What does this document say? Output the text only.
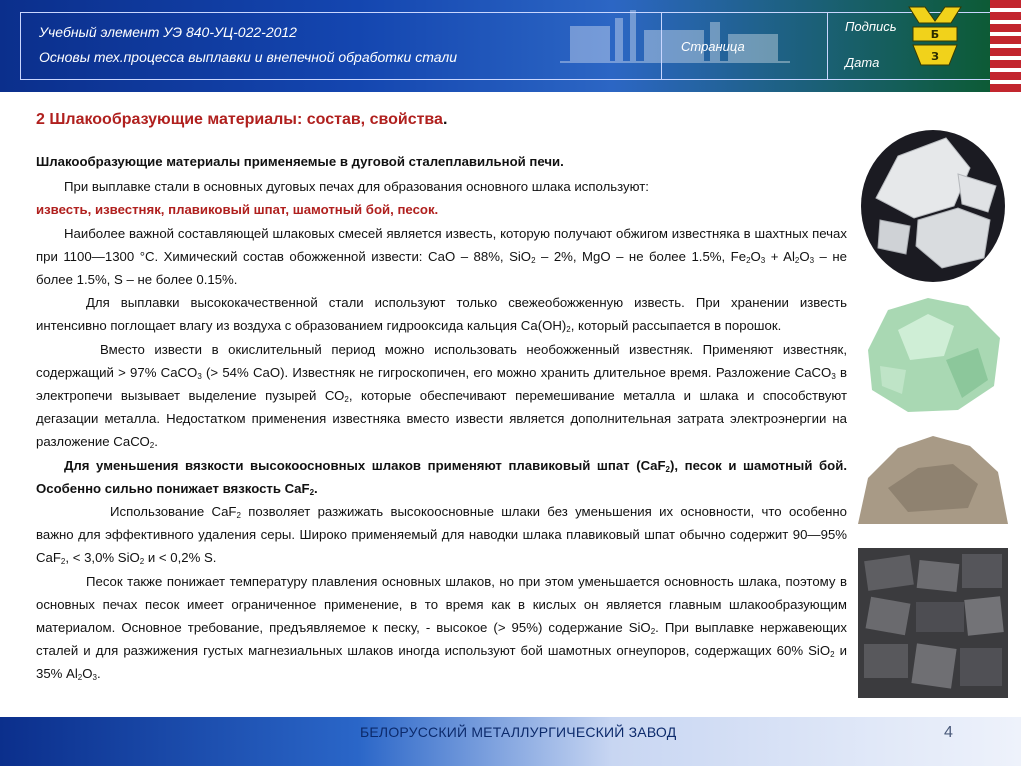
Учебный элемент УЭ 840-УЦ-022-2012
Основы тех.процесса выплавки и внепечной обработки стали
Страница
Подпись
Дата
Б
З
2 Шлакообразующие материалы: состав, свойства.

Шлакообразующие материалы применяемые в дуговой сталеплавильной печи.

При выплавке стали в основных дуговых печах для образования основного шлака используют:
известь, известняк, плавиковый шпат, шамотный бой, песок.

Наиболее важной составляющей шлаковых смесей является известь, которую получают обжигом известняка в шахтных печах при 1100—1300 °С. Химический состав обожженной извести: СаО – 88%, SiO$_2$ – 2%, MgO – не более 1.5%, $Fe_2O_3 + Al_2O_3$ – не более 1.5%, S – не более 0.15%.

Для выплавки высококачественной стали используют только свежеобожженную известь. При хранении известь интенсивно поглощает влагу из воздуха с образованием гидрооксида кальция $Са(ОН)_2$, который рассыпается в порошок.

Вместо извести в окислительный период можно использовать необожженный известняк. Применяют известняк, содержащий > 97% CaCO$_3$ (> 54% CaO). Известняк не гигроскопичен, его можно хранить длительное время. Разложение CaCO$_3$ в электропечи вызывает выделение пузырей $СО_2$, которые обеспечивают перемешивание металла и шлака и способствуют дегазации металла. Недостатком применения известняка вместо извести является дополнительная затрата электроэнергии на разложение СаСО$_2$.

Для уменьшения вязкости высокоосновных шлаков применяют плавиковый шпат (CaF$_2$), песок и шамотный бой. Особенно сильно понижает вязкость CaF$_2$.

Использование CaF$_2$ позволяет разжижать высокоосновные шлаки без уменьшения их основности, что особенно важно для эффективного удаления серы. Широко применяемый для наводки шлака плавиковый шпат обычно содержит 90—95% CaF$_2$, < 3,0% SiO$_2$ и < 0,2% S.

Песок также понижает температуру плавления основных шлаков, но при этом уменьшается основность шлака, поэтому в основных печах песок имеет ограниченное применение, в то время как в кислых он является главным шлакообразующим материалом. Основное требование, предъявляемое к песку, - высокое (> 95%) содержание SiO$_2$. При выплавке нержавеющих сталей и для разжижения густых магнезиальных шлаков иногда используют бой шамотных огнеупоров, содержащих 60% SiO$_2$ и 35% $Al_2O_3$.

БЕЛОРУССКИЙ МЕТАЛЛУРГИЧЕСКИЙ ЗАВОД	4
